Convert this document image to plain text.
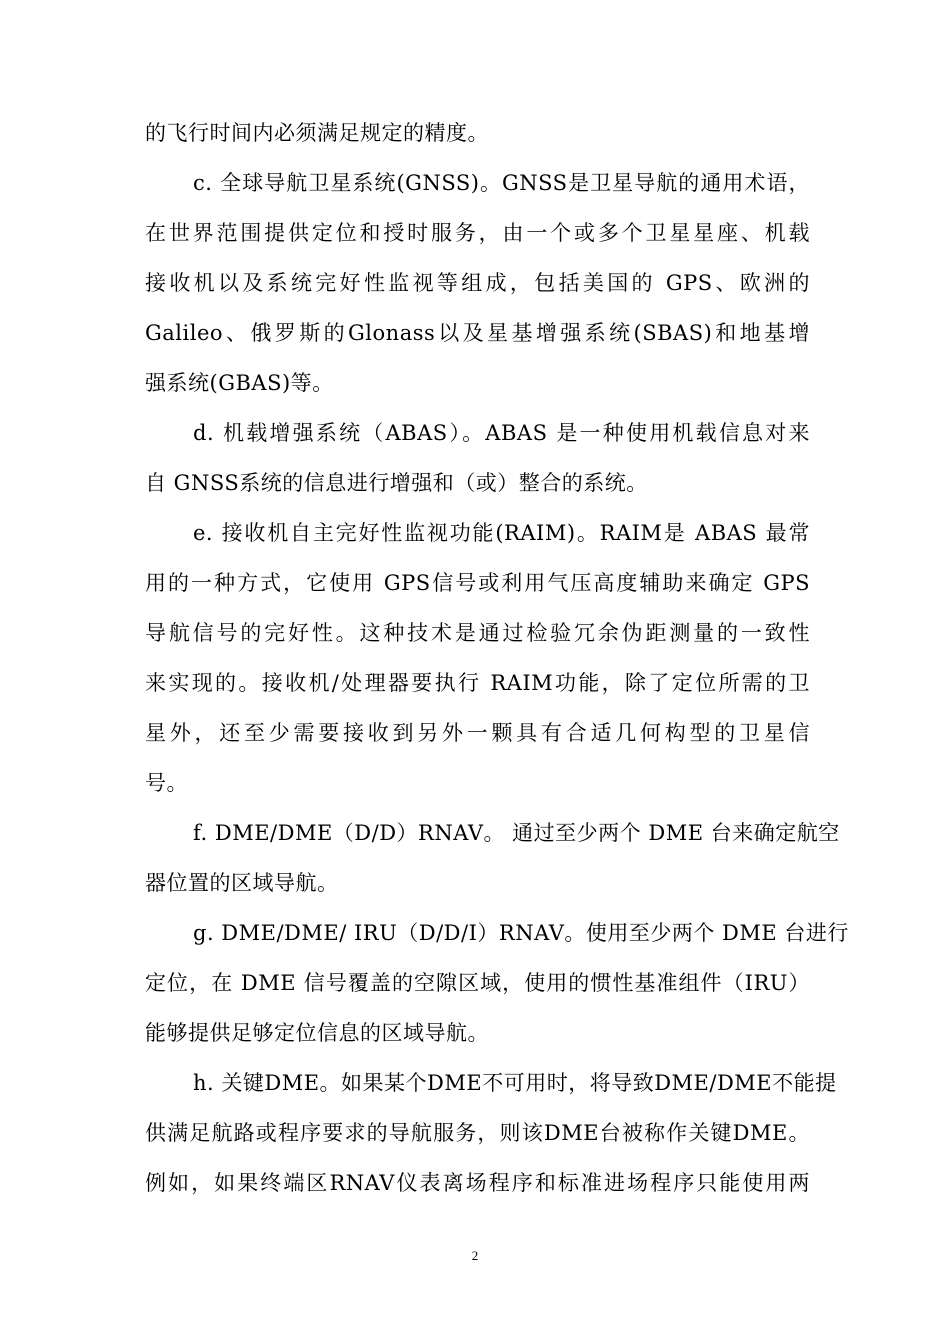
的飞行时间内必须满足规定的精度。
c. 全球导航卫星系统(GNSS)。GNSS是卫星导航的通用术语，
在世界范围提供定位和授时服务，由一个或多个卫星星座、机载
接收机以及系统完好性监视等组成，包括美国的 GPS、欧洲的
Galileo、俄罗斯的Glonass以及星基增强系统(SBAS)和地基增
强系统(GBAS)等。
d. 机载增强系统（ABAS）。ABAS 是一种使用机载信息对来
自 GNSS系统的信息进行增强和（或）整合的系统。
e. 接收机自主完好性监视功能(RAIM)。RAIM是 ABAS 最常
用的一种方式，它使用 GPS信号或利用气压高度辅助来确定 GPS
导航信号的完好性。这种技术是通过检验冗余伪距测量的一致性
来实现的。接收机/处理器要执行 RAIM功能，除了定位所需的卫
星外，还至少需要接收到另外一颗具有合适几何构型的卫星信
号。
f. DME/DME（D/D）RNAV。 通过至少两个 DME 台来确定航空
器位置的区域导航。
g. DME/DME/ IRU（D/D/I）RNAV。使用至少两个 DME 台进行
定位，在 DME 信号覆盖的空隙区域，使用的惯性基准组件（IRU）
能够提供足够定位信息的区域导航。
h. 关键DME。如果某个DME不可用时，将导致DME/DME不能提
供满足航路或程序要求的导航服务，则该DME台被称作关键DME。
例如，如果终端区RNAV仪表离场程序和标准进场程序只能使用两
2
